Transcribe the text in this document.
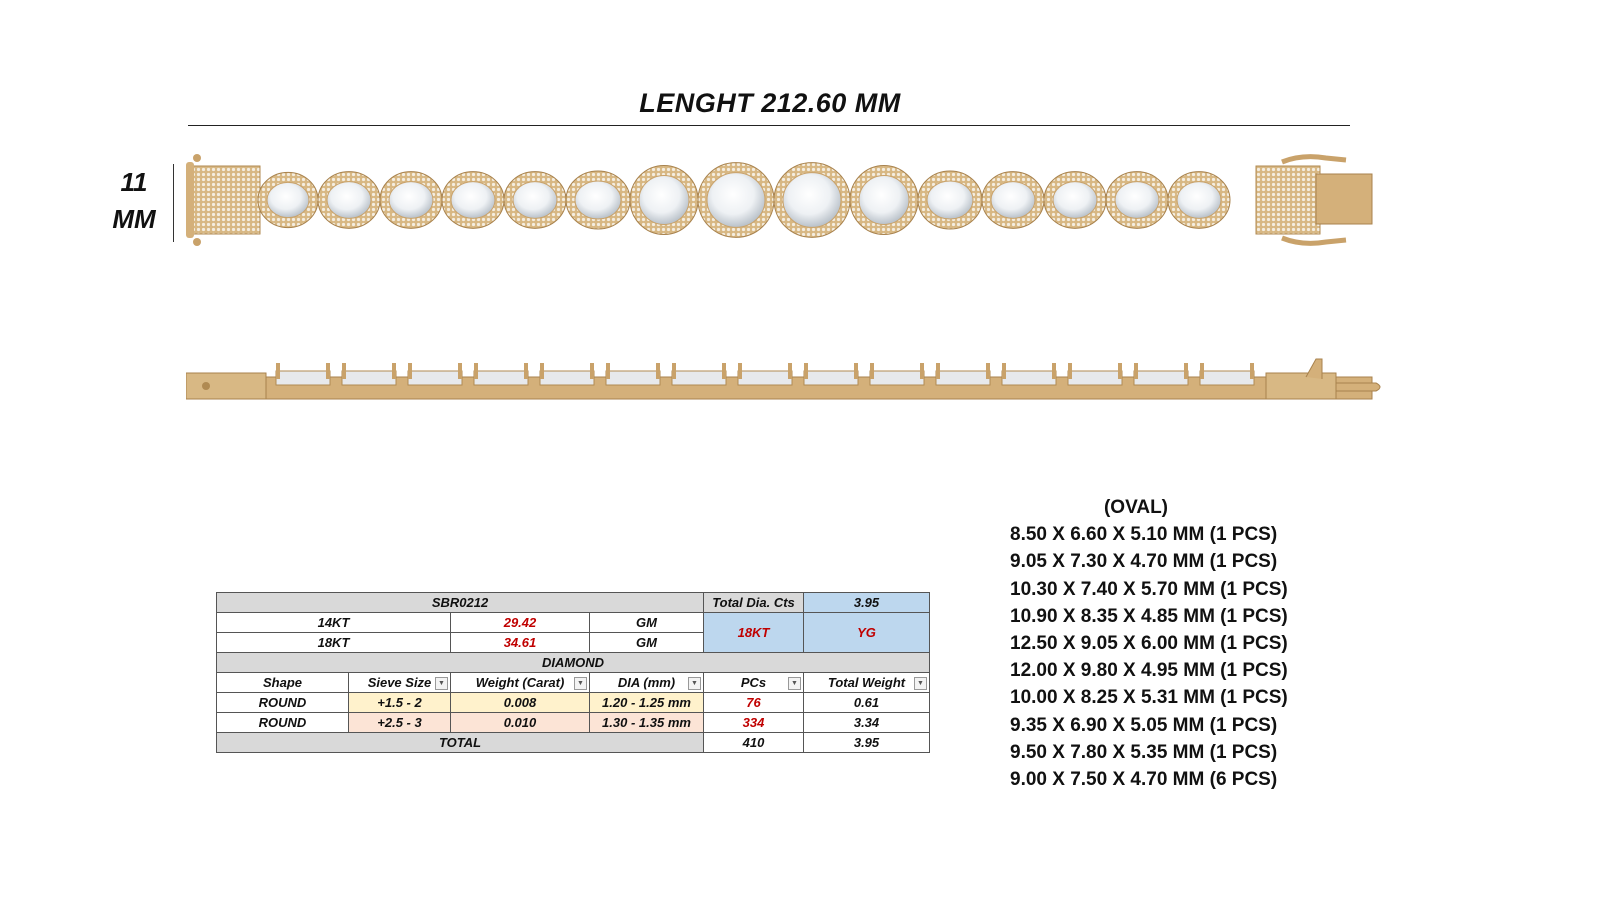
LENGHT 212.60 MM
11
MM
SBR0212				Total Dia. Cts	3.95
14KT		29.42	GM	18KT	YG
18KT		34.61	GM		
DIAMOND					
Shape	Sieve Size ▼	Weight (Carat) ▼	DIA (mm) ▼	PCs ▼	Total Weight ▼

ROUND	+1.5 - 2	0.008	1.20 - 1.25 mm	76	0.61
ROUND	+2.5 - 3	0.010	1.30 - 1.35 mm	334	3.34
TOTAL				410	3.95
(OVAL)
8.50 X 6.60 X 5.10 MM (1 PCS)
9.05 X 7.30 X 4.70 MM (1 PCS)
10.30 X 7.40 X 5.70 MM (1 PCS)
10.90 X 8.35 X 4.85 MM (1 PCS)
12.50 X 9.05 X 6.00 MM (1 PCS)
12.00 X 9.80 X 4.95 MM (1 PCS)
10.00 X 8.25 X 5.31 MM (1 PCS)
9.35 X 6.90 X 5.05 MM (1 PCS)
9.50 X 7.80 X 5.35 MM (1 PCS)
9.00 X 7.50 X 4.70 MM (6 PCS)
